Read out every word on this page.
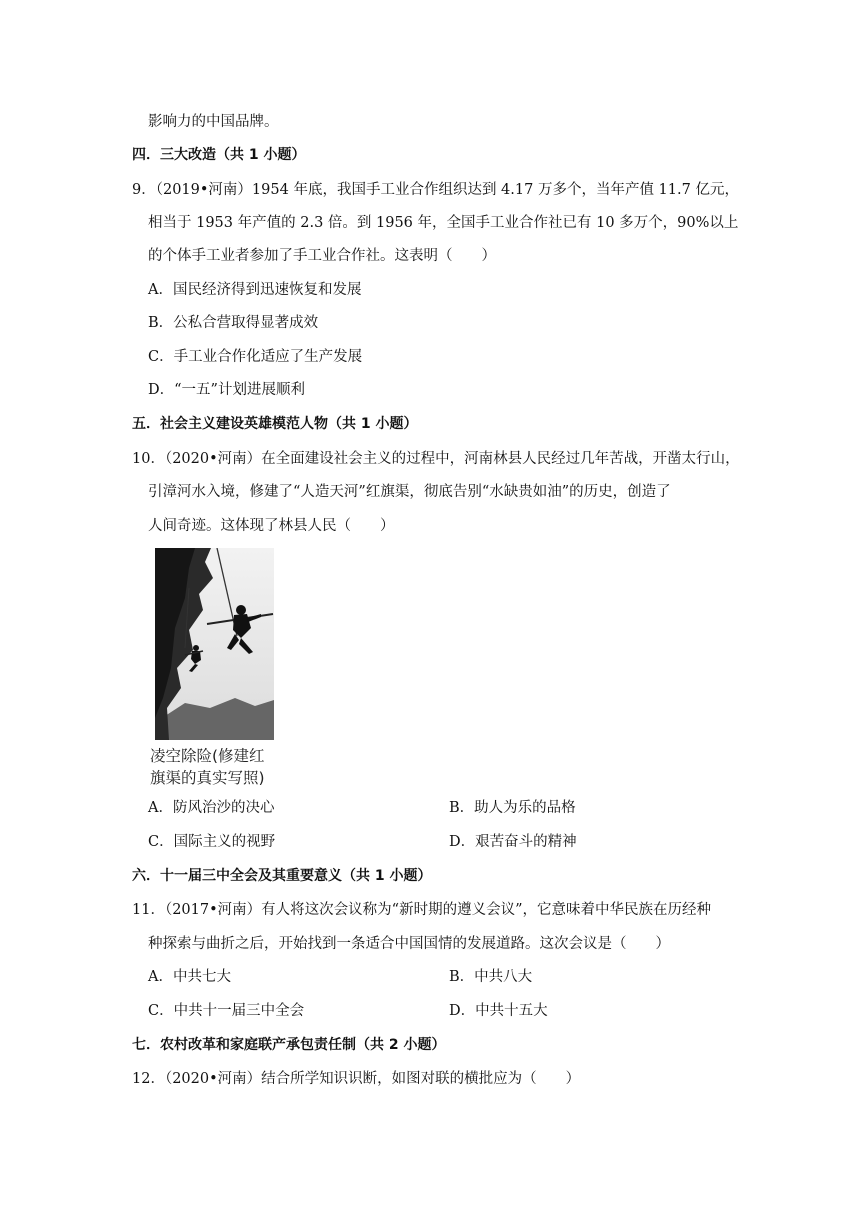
影响力的中国品牌。
四．三大改造（共 1 小题）
9．（2019•河南）1954 年底，我国手工业合作组织达到 4.17 万多个，当年产值 11.7 亿元，
相当于 1953 年产值的 2.3 倍。到 1956 年，全国手工业合作社已有 10 多万个，90%以上
的个体手工业者参加了手工业合作社。这表明（　　）
A．国民经济得到迅速恢复和发展
B．公私合营取得显著成效
C．手工业合作化适应了生产发展
D．“一五”计划进展顺利
五．社会主义建设英雄模范人物（共 1 小题）
10．（2020•河南）在全面建设社会主义的过程中，河南林县人民经过几年苦战，开凿太行山，
引漳河水入境，修建了“人造天河”红旗渠，彻底告别“水缺贵如油”的历史，创造了
人间奇迹。这体现了林县人民（　　）
凌空除险(修建红
旗渠的真实写照)
A．防风治沙的决心	B．助人为乐的品格
C．国际主义的视野	D．艰苦奋斗的精神
六．十一届三中全会及其重要意义（共 1 小题）
11．（2017•河南）有人将这次会议称为“新时期的遵义会议”，它意味着中华民族在历经种
种探索与曲折之后，开始找到一条适合中国国情的发展道路。这次会议是（　　）
A．中共七大	B．中共八大
C．中共十一届三中全会	D．中共十五大
七．农村改革和家庭联产承包责任制（共 2 小题）
12．（2020•河南）结合所学知识识断，如图对联的横批应为（　　）
